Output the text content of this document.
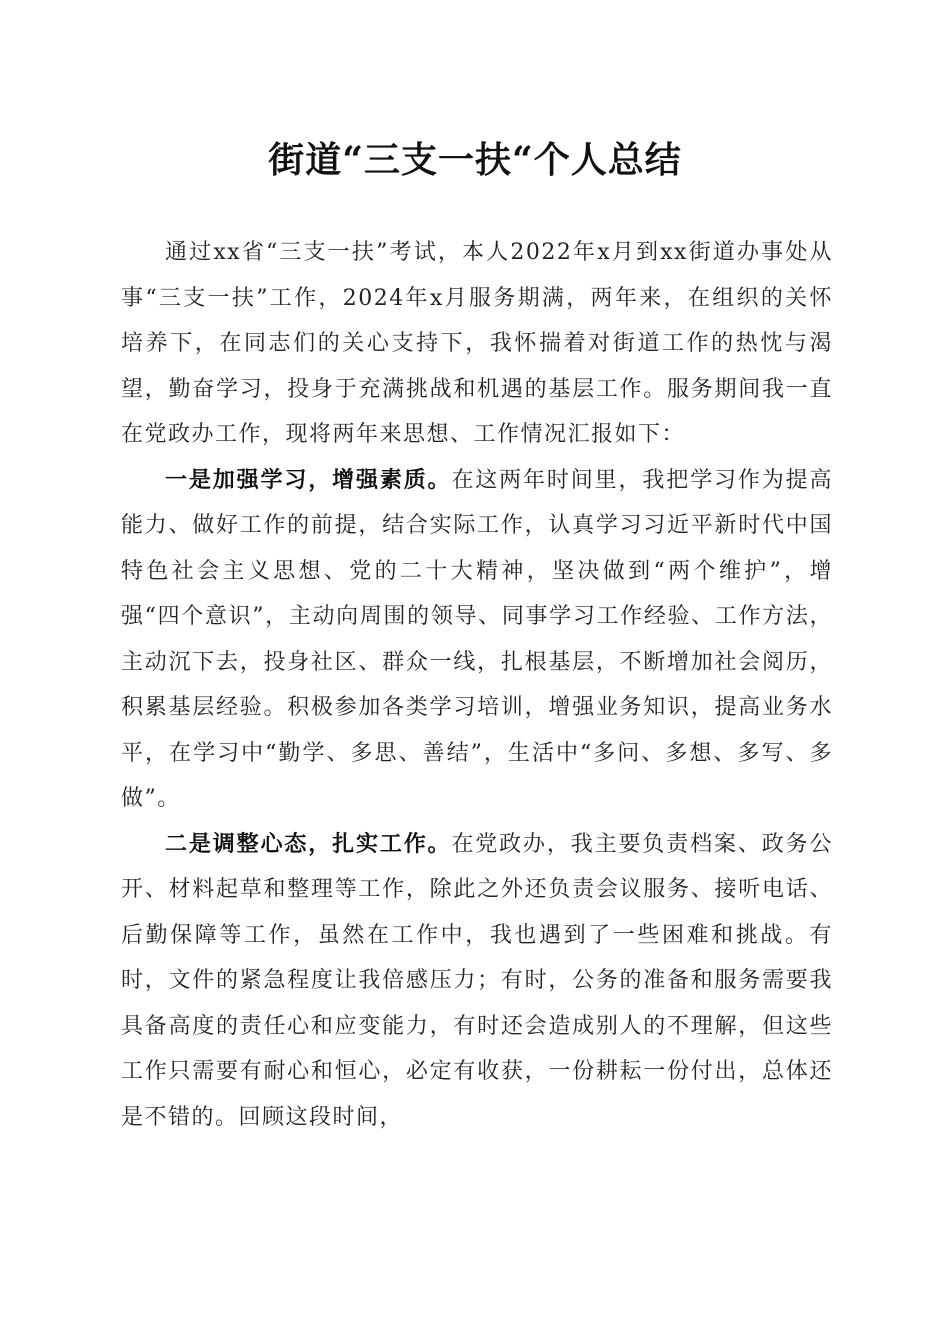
街道“三支一扶“个人总结

通过xx省“三支一扶”考试，本人2022年x月到xx街道办事处从事“三支一扶”工作，2024年x月服务期满，两年来，在组织的关怀培养下，在同志们的关心支持下，我怀揣着对街道工作的热忱与渴望，勤奋学习，投身于充满挑战和机遇的基层工作。服务期间我一直在党政办工作，现将两年来思想、工作情况汇报如下：

一是加强学习，增强素质。在这两年时间里，我把学习作为提高能力、做好工作的前提，结合实际工作，认真学习习近平新时代中国特色社会主义思想、党的二十大精神，坚决做到“两个维护”，增强“四个意识”，主动向周围的领导、同事学习工作经验、工作方法，主动沉下去，投身社区、群众一线，扎根基层，不断增加社会阅历，积累基层经验。积极参加各类学习培训，增强业务知识，提高业务水平，在学习中“勤学、多思、善结”，生活中“多问、多想、多写、多做”。

二是调整心态，扎实工作。在党政办，我主要负责档案、政务公开、材料起草和整理等工作，除此之外还负责会议服务、接听电话、后勤保障等工作，虽然在工作中，我也遇到了一些困难和挑战。有时，文件的紧急程度让我倍感压力；有时，公务的准备和服务需要我具备高度的责任心和应变能力，有时还会造成别人的不理解，但这些工作只需要有耐心和恒心，必定有收获，一份耕耘一份付出，总体还是不错的。回顾这段时间，
